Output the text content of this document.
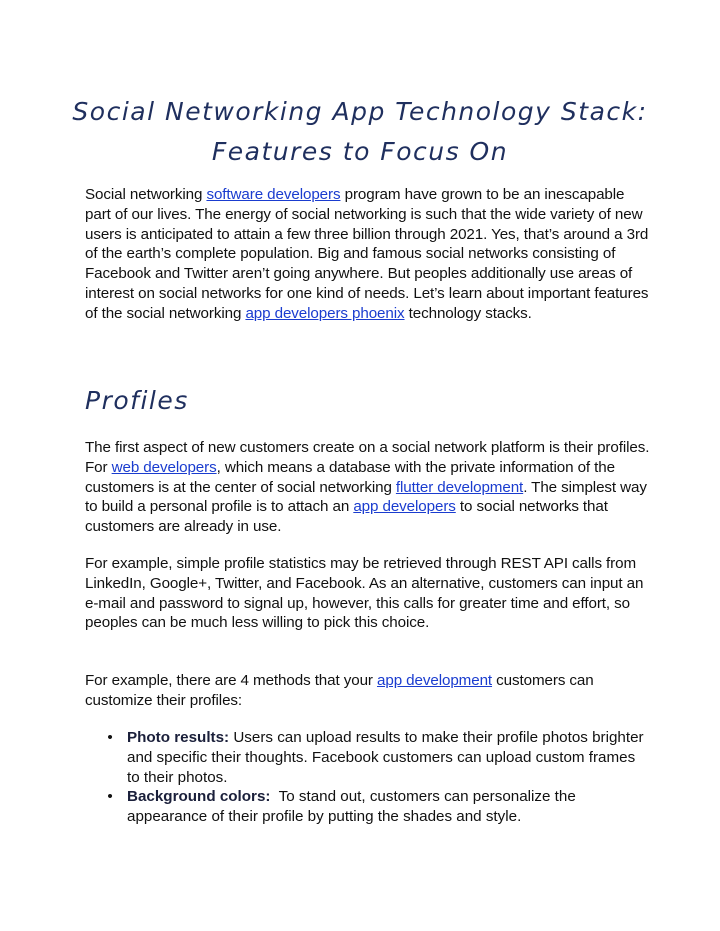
Social Networking App Technology Stack:
Features to Focus On

Social networking software developers program have grown to be an inescapable part of our lives. The energy of social networking is such that the wide variety of new users is anticipated to attain a few three billion through 2021. Yes, that’s around a 3rd of the earth’s complete population. Big and famous social networks consisting of Facebook and Twitter aren’t going anywhere. But peoples additionally use areas of interest on social networks for one kind of needs. Let’s learn about important features of the social networking app developers phoenix technology stacks.

Profiles

The first aspect of new customers create on a social network platform is their profiles. For web developers, which means a database with the private information of the customers is at the center of social networking flutter development. The simplest way to build a personal profile is to attach an app developers to social networks that customers are already in use.

For example, simple profile statistics may be retrieved through REST API calls from LinkedIn, Google+, Twitter, and Facebook. As an alternative, customers can input an e-mail and password to signal up, however, this calls for greater time and effort, so peoples can be much less willing to pick this choice.

For example, there are 4 methods that your app development customers can customize their profiles:

• Photo results: Users can upload results to make their profile photos brighter and specific their thoughts. Facebook customers can upload custom frames to their photos.
• Background colors:  To stand out, customers can personalize the appearance of their profile by putting the shades and style.
